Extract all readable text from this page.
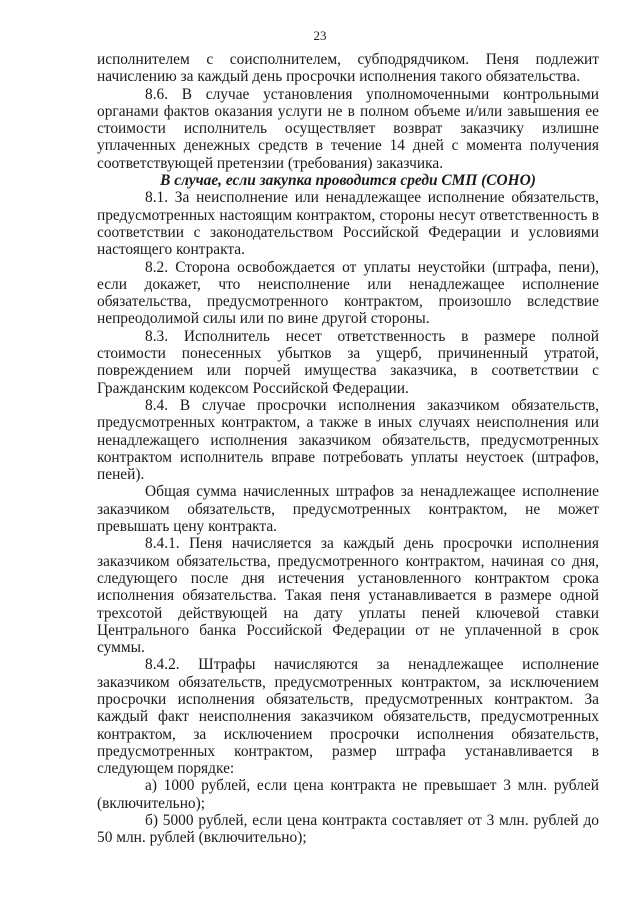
23

исполнителем с соисполнителем, субподрядчиком. Пеня подлежит начислению за каждый день просрочки исполнения такого обязательства.

8.6. В случае установления уполномоченными контрольными органами фактов оказания услуги не в полном объеме и/или завышения ее стоимости исполнитель осуществляет возврат заказчику излишне уплаченных денежных средств в течение 14 дней с момента получения соответствующей претензии (требования) заказчика.

В случае, если закупка проводится среди СМП (СОНО)

8.1. За неисполнение или ненадлежащее исполнение обязательств, предусмотренных настоящим контрактом, стороны несут ответственность в соответствии с законодательством Российской Федерации и условиями настоящего контракта.

8.2. Сторона освобождается от уплаты неустойки (штрафа, пени), если докажет, что неисполнение или ненадлежащее исполнение обязательства, предусмотренного контрактом, произошло вследствие непреодолимой силы или по вине другой стороны.

8.3. Исполнитель несет ответственность в размере полной стоимости понесенных убытков за ущерб, причиненный утратой, повреждением или порчей имущества заказчика, в соответствии с Гражданским кодексом Российской Федерации.

8.4. В случае просрочки исполнения заказчиком обязательств, предусмотренных контрактом, а также в иных случаях неисполнения или ненадлежащего исполнения заказчиком обязательств, предусмотренных контрактом исполнитель вправе потребовать уплаты неустоек (штрафов, пеней).

Общая сумма начисленных штрафов за ненадлежащее исполнение заказчиком обязательств, предусмотренных контрактом, не может превышать цену контракта.

8.4.1. Пеня начисляется за каждый день просрочки исполнения заказчиком обязательства, предусмотренного контрактом, начиная со дня, следующего после дня истечения установленного контрактом срока исполнения обязательства. Такая пеня устанавливается в размере одной трехсотой действующей на дату уплаты пеней ключевой ставки Центрального банка Российской Федерации от не уплаченной в срок суммы.

8.4.2. Штрафы начисляются за ненадлежащее исполнение заказчиком обязательств, предусмотренных контрактом, за исключением просрочки исполнения обязательств, предусмотренных контрактом. За каждый факт неисполнения заказчиком обязательств, предусмотренных контрактом, за исключением просрочки исполнения обязательств, предусмотренных контрактом, размер штрафа устанавливается в следующем порядке:

а) 1000 рублей, если цена контракта не превышает 3 млн. рублей (включительно);

б) 5000 рублей, если цена контракта составляет от 3 млн. рублей до 50 млн. рублей (включительно);
